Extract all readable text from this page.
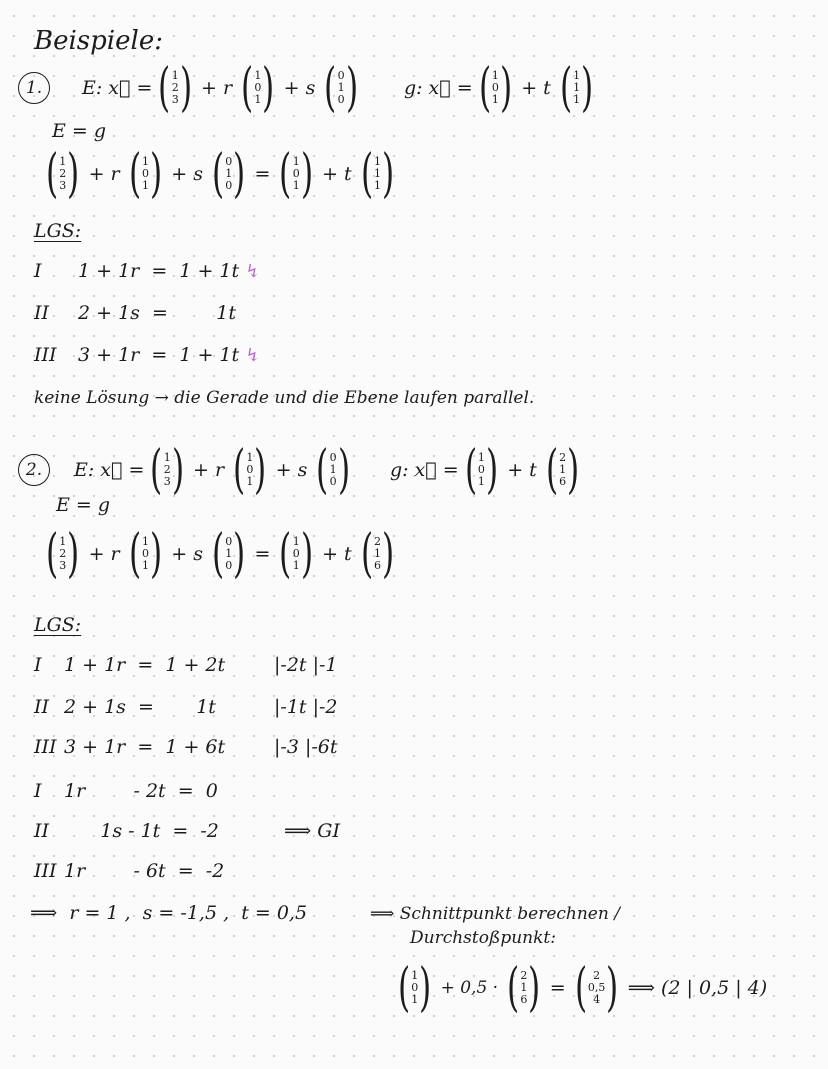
Beispiele:
1.	E: x⃗ = ( 1
2
3 ) + r ( 1
0
1 ) + s ( 0
1
0 ) g: x⃗ = ( 1
0
1 ) + t ( 1
1
1 )
E = g
( 1
2
3 ) + r ( 1
0
1 ) + s ( 0
1
0 ) = ( 1
0
1 ) + t ( 1
1
1 )
LGS:
I	1 + 1r  =  1 + 1t ↯
II	2 + 1s  =        1t
III	3 + 1r  =  1 + 1t ↯
keine Lösung → die Gerade und die Ebene laufen parallel.
2.	E: x⃗ = ( 1
2
3 ) + r ( 1
0
1 ) + s ( 0
1
0 ) g: x⃗ = ( 1
0
1 ) + t ( 2
1
6 )
E = g
( 1
2
3 ) + r ( 1
0
1 ) + s ( 0
1
0 ) = ( 1
0
1 ) + t ( 2
1
6 )
LGS:
I	1 + 1r  =  1 + 2t	|-2t |-1
II 2 + 1s  =       1t	|-1t |-2
III 3 + 1r  =  1 + 6t	|-3 |-6t
I	1r        - 2t  =  0
II 1s - 1t  =  -2	⟹ GI
III 1r        - 6t  =  -2
⟹  r = 1 ,  s = -1,5 ,  t = 0,5	⟹ Schnittpunkt berechnen /
Durchstoßpunkt:
( 1
0
1 ) + 0,5 · ( 2
1
6 ) = ( 2
0,5
4 ) ⟹ (2 | 0,5 | 4)
